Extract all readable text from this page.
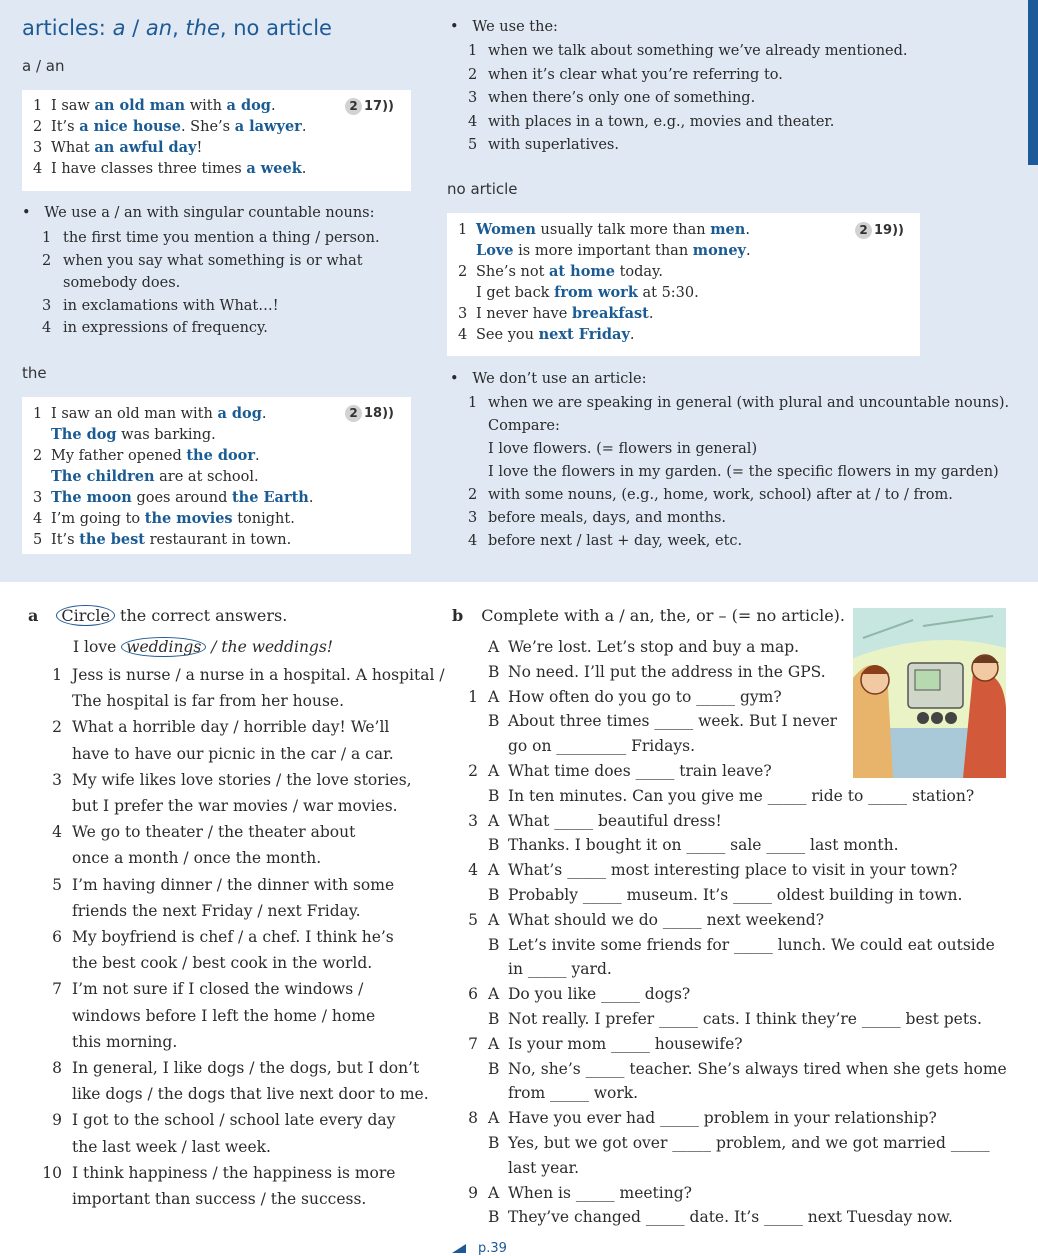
articles: a / an, the, no article
a / an
1 I saw an old man with a dog.
2 It’s a nice house. She’s a lawyer.
3 What an awful day!
4 I have classes three times a week.
2 17))
•   We use a / an with singular countable nouns:
1 the first time you mention a thing / person.
2 when you say what something is or what
somebody does.
3 in exclamations with What…!
4 in expressions of frequency.
the
1 I saw an old man with a dog.
The dog was barking.
2 My father opened the door.
The children are at school.
3 The moon goes around the Earth.
4 I’m going to the movies tonight.
5 It’s the best restaurant in town.
2 18))
•   We use the:
1 when we talk about something we’ve already mentioned.
2 when it’s clear what you’re referring to.
3 when there’s only one of something.
4 with places in a town, e.g., movies and theater.
5 with superlatives.
no article
1 Women usually talk more than men.
Love is more important than money.
2 She’s not at home today.
I get back from work at 5:30.
3 I never have breakfast.
4 See you next Friday.
2 19))
•   We don’t use an article:
1 when we are speaking in general (with plural and uncountable nouns).
Compare:
I love flowers. (= flowers in general)
I love the flowers in my garden. (= the specific flowers in my garden)
2 with some nouns, (e.g., home, work, school) after at / to / from.
3 before meals, days, and months.
4 before next / last + day, week, etc.
a Circle the correct answers.
I love weddings / the weddings!
1 Jess is nurse / a nurse in a hospital. A hospital /
The hospital is far from her house.
2 What a horrible day / horrible day! We’ll
have to have our picnic in the car / a car.
3 My wife likes love stories / the love stories,
but I prefer the war movies / war movies.
4 We go to theater / the theater about
once a month / once the month.
5 I’m having dinner / the dinner with some
friends the next Friday / next Friday.
6 My boyfriend is chef / a chef. I think he’s
the best cook / best cook in the world.
7 I’m not sure if I closed the windows /
windows before I left the home / home
this morning.
8 In general, I like dogs / the dogs, but I don’t
like dogs / the dogs that live next door to me.
9 I got to the school / school late every day
the last week / last week.
10 I think happiness / the happiness is more
important than success / the success.
b Complete with a / an, the, or – (= no article).
A We’re lost. Let’s stop and buy a map.
B No need. I’ll put the address in the GPS.
1 A How often do you go to _____ gym?
B About three times _____ week. But I never
go on _________ Fridays.
2 A What time does _____ train leave?
B In ten minutes. Can you give me _____ ride to _____ station?
3 A What _____ beautiful dress!
B Thanks. I bought it on _____ sale _____ last month.
4 A What’s _____ most interesting place to visit in your town?
B Probably _____ museum. It’s _____ oldest building in town.
5 A What should we do _____ next weekend?
B Let’s invite some friends for _____ lunch. We could eat outside
in _____ yard.
6 A Do you like _____ dogs?
B Not really. I prefer _____ cats. I think they’re _____ best pets.
7 A Is your mom _____ housewife?
B No, she’s _____ teacher. She’s always tired when she gets home
from _____ work.
8 A Have you ever had _____ problem in your relationship?
B Yes, but we got over _____ problem, and we got married _____
last year.
9 A When is _____ meeting?
B They’ve changed _____ date. It’s _____ next Tuesday now.
p.39
